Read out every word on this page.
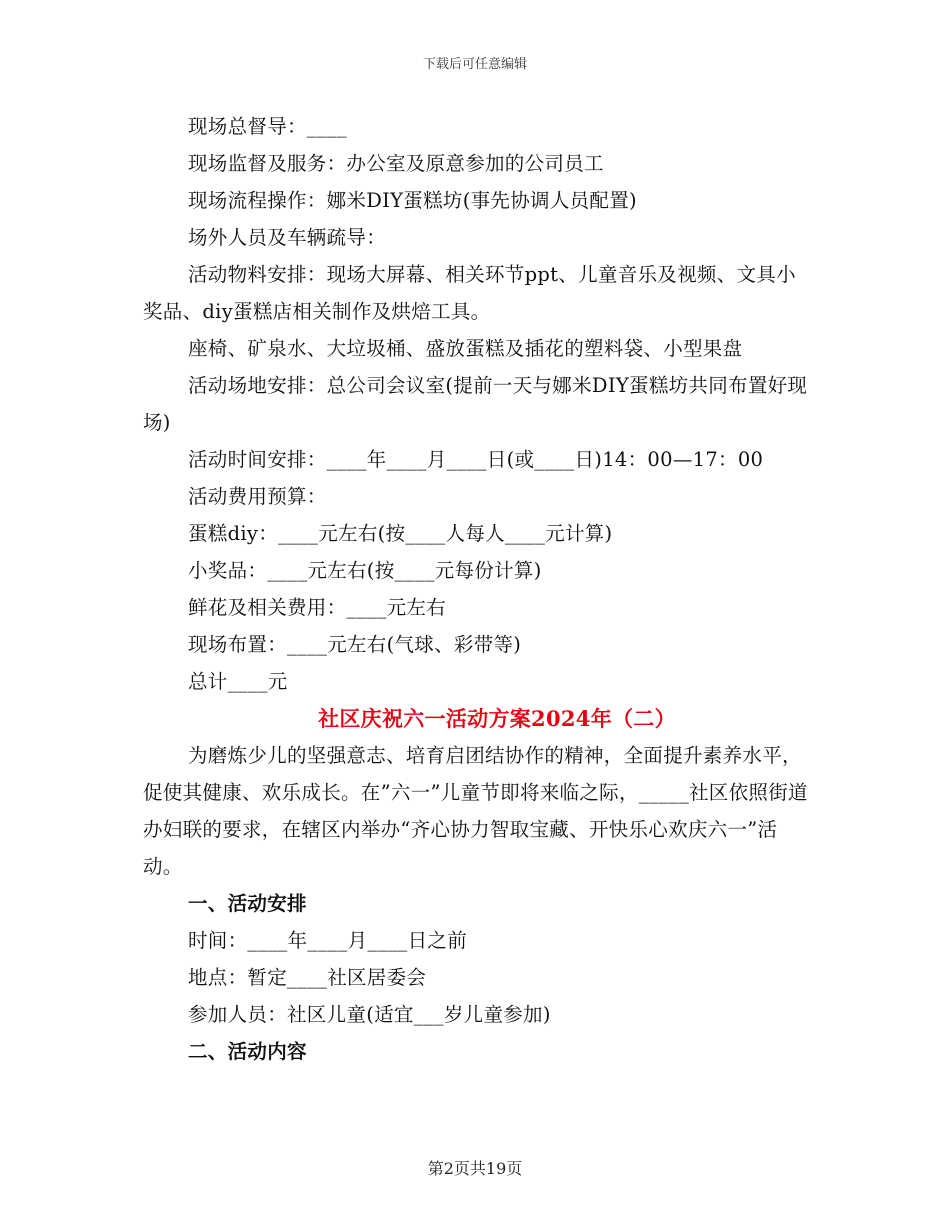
下载后可任意编辑

现场总督导：____

现场监督及服务：办公室及原意参加的公司员工

现场流程操作：娜米DIY蛋糕坊(事先协调人员配置)

场外人员及车辆疏导：

活动物料安排：现场大屏幕、相关环节ppt、儿童音乐及视频、文具小奖品、diy蛋糕店相关制作及烘焙工具。

座椅、矿泉水、大垃圾桶、盛放蛋糕及插花的塑料袋、小型果盘

活动场地安排：总公司会议室(提前一天与娜米DIY蛋糕坊共同布置好现场)

活动时间安排：____年____月____日(或____日)14：00—17：00

活动费用预算：

蛋糕diy：____元左右(按____人每人____元计算)

小奖品：____元左右(按____元每份计算)

鲜花及相关费用：____元左右

现场布置：____元左右(气球、彩带等)

总计____元

社区庆祝六一活动方案2024年（二）

为磨炼少儿的坚强意志、培育启团结协作的精神，全面提升素养水平，促使其健康、欢乐成长。在”六一”儿童节即将来临之际，_____社区依照街道办妇联的要求，在辖区内举办“齐心协力智取宝藏、开快乐心欢庆六一”活动。

一、活动安排

时间：____年____月____日之前

地点：暂定____社区居委会

参加人员：社区儿童(适宜___岁儿童参加)

二、活动内容

第2页共19页
